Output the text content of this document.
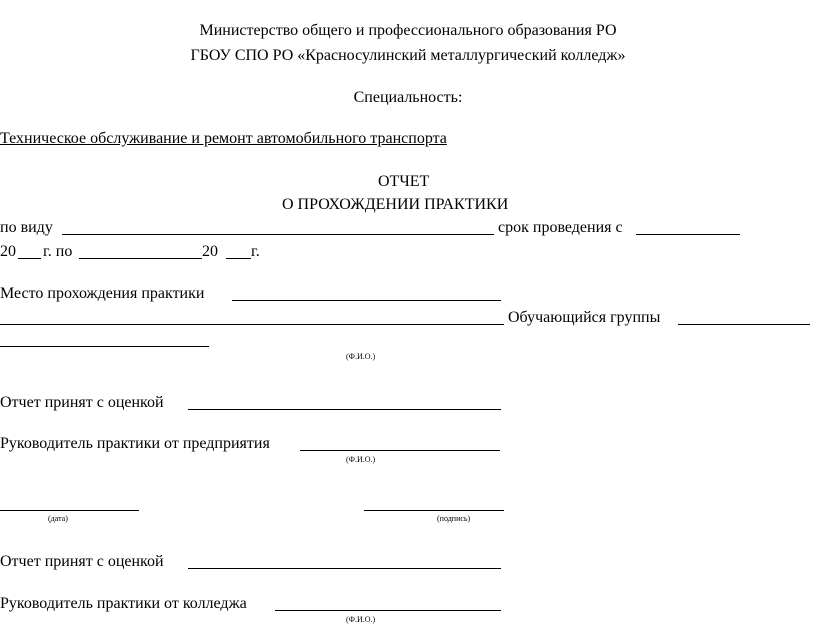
Министерство общего и профессионального образования РО
ГБОУ СПО РО «Красносулинский металлургический колледж»
Специальность:
Техническое обслуживание и ремонт автомобильного транспорта
ОТЧЕТ
О ПРОХОЖДЕНИИ ПРАКТИКИ
по виду	срок проведения с
20 г. по	20 г.
Место прохождения практики
Обучающийся группы
(Ф.И.О.)
Отчет принят с оценкой
Руководитель практики от предприятия
(Ф.И.О.)
(дата)	(подпись)
Отчет принят с оценкой
Руководитель практики от колледжа
(Ф.И.О.)
